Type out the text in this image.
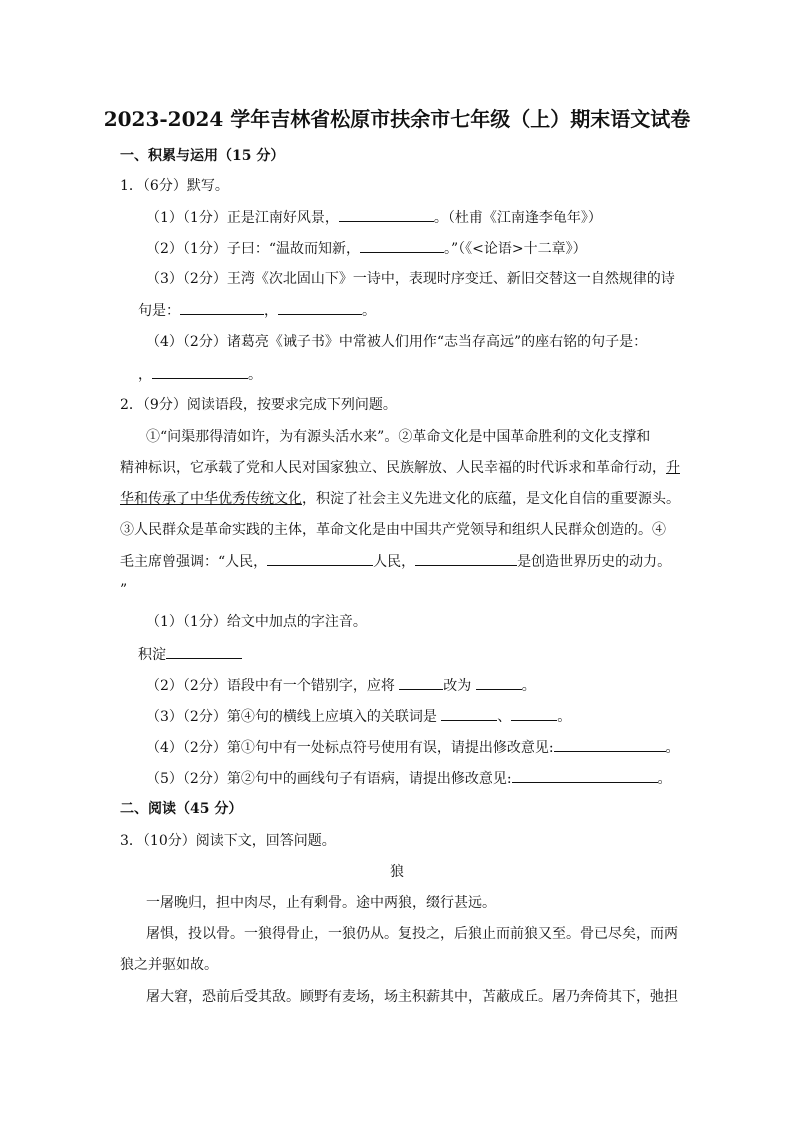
2023-2024 学年吉林省松原市扶余市七年级（上）期末语文试卷
一、积累与运用（15 分）
1．（6分）默写。
（1）（1分）正是江南好风景，	。（杜甫《江南逢李龟年》）
（2）（1分）子曰：“温故而知新，	。”（《<论语>十二章》）
（3）（2分）王湾《次北固山下》一诗中，表现时序变迁、新旧交替这一自然规律的诗
句是：	，	。
（4）（2分）诸葛亮《诫子书》中常被人们用作“志当存高远”的座右铭的句子是：
，	。
2．（9分）阅读语段，按要求完成下列问题。
①“问渠那得清如许，为有源头活水来”。②革命文化是中国革命胜利的文化支撑和
精神标识，它承载了党和人民对国家独立、民族解放、人民幸福的时代诉求和革命行动，升
华和传承了中华优秀传统文化，积淀了社会主义先进文化的底蕴，是文化自信的重要源头。
③人民群众是革命实践的主体，革命文化是由中国共产党领导和组织人民群众创造的。④
毛主席曾强调：“人民，	人民，	是创造世界历史的动力。
”
（1）（1分）给文中加点的字注音。
积淀
（2）（2分）语段中有一个错别字，应将	改为	。
（3）（2分）第④句的横线上应填入的关联词是	、	。
（4）（2分）第①句中有一处标点符号使用有误，请提出修改意见:	。
（5）（2分）第②句中的画线句子有语病，请提出修改意见:	。
二、阅读（45 分）
3．（10分）阅读下文，回答问题。
狼
一屠晚归，担中肉尽，止有剩骨。途中两狼，缀行甚远。
屠惧，投以骨。一狼得骨止，一狼仍从。复投之，后狼止而前狼又至。骨已尽矣，而两
狼之并驱如故。
屠大窘，恐前后受其敌。顾野有麦场，场主积薪其中，苫蔽成丘。屠乃奔倚其下，弛担
